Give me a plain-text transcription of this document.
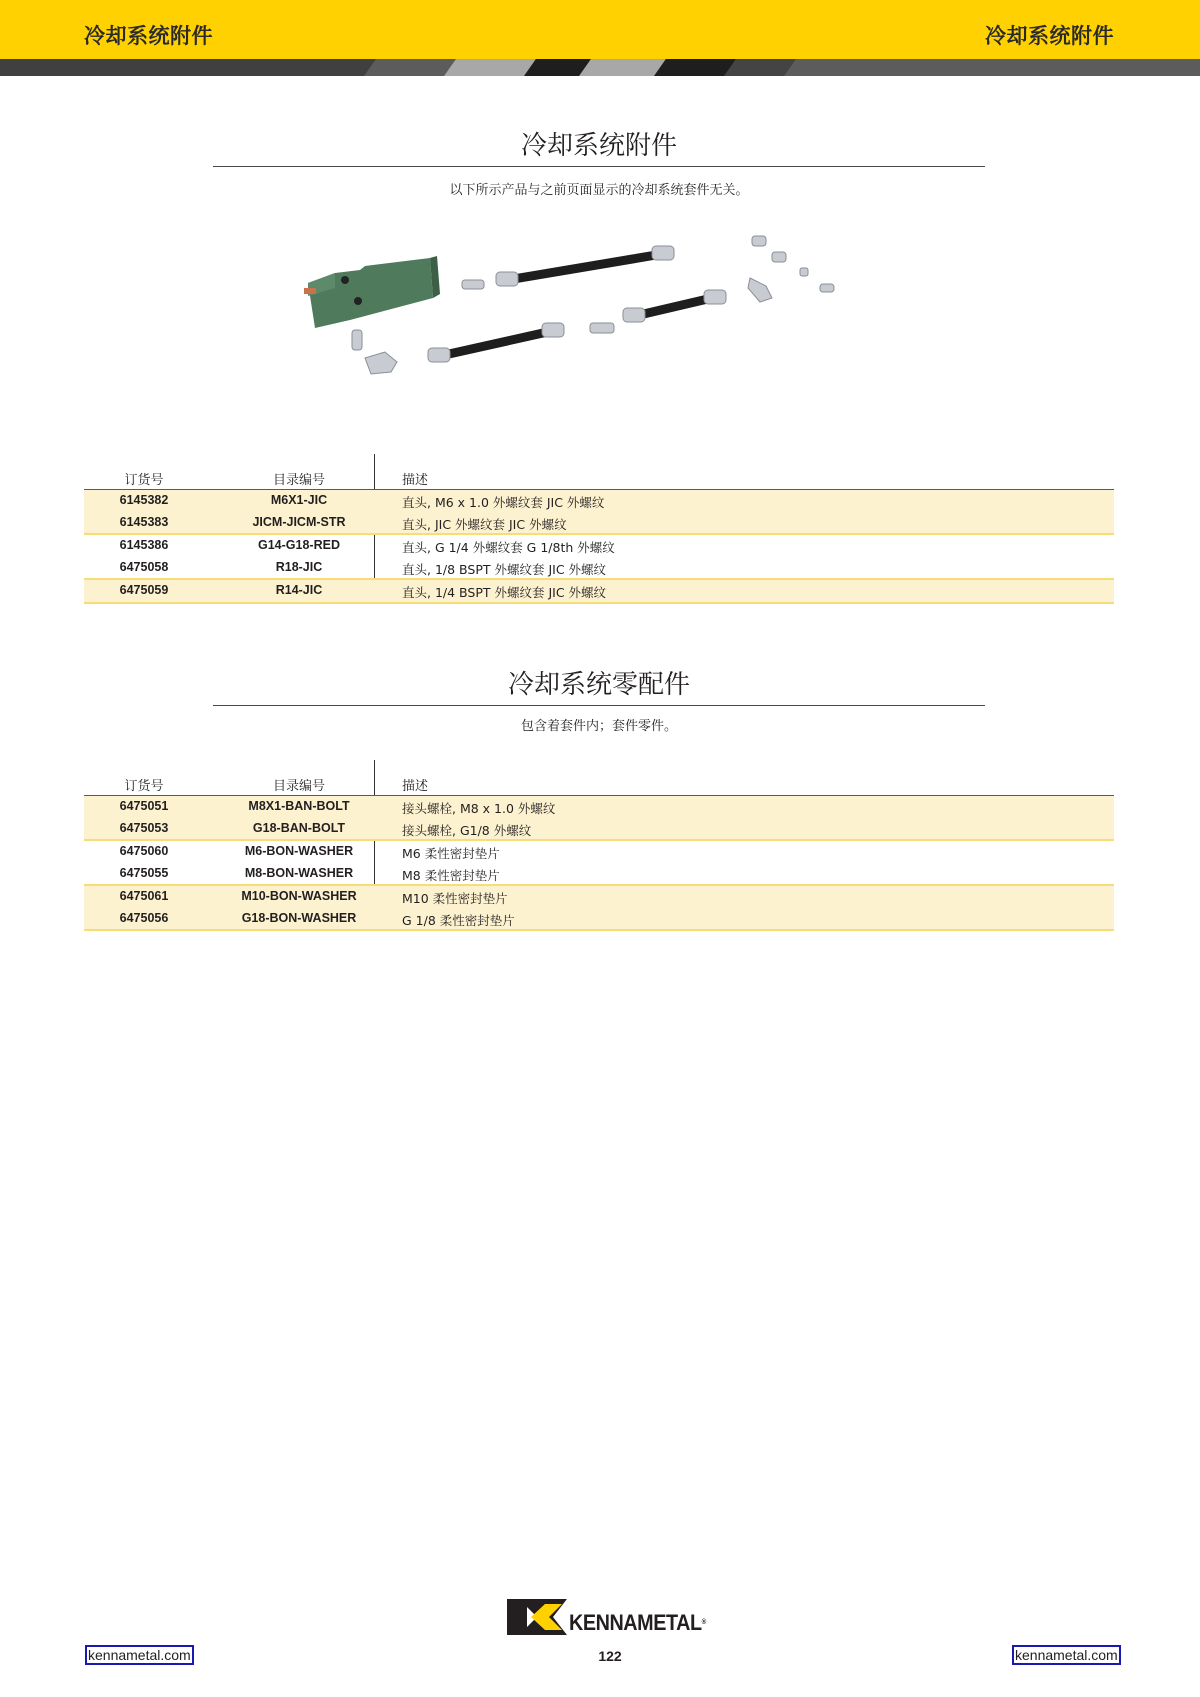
冷却系统附件	冷却系统附件
冷却系统附件
以下所示产品与之前页面显示的冷却系统套件无关。
订货号	目录编号	描述
6145382	M6X1-JIC	直头, M6 x 1.0 外螺纹套 JIC 外螺纹
6145383	JICM-JICM-STR	直头, JIC 外螺纹套 JIC 外螺纹
6145386	G14-G18-RED	直头, G 1/4 外螺纹套 G 1/8th 外螺纹
6475058	R18-JIC	直头, 1/8 BSPT 外螺纹套 JIC 外螺纹
6475059	R14-JIC	直头, 1/4 BSPT 外螺纹套 JIC 外螺纹
冷却系统零配件
包含着套件内；套件零件。
订货号	目录编号	描述
6475051	M8X1-BAN-BOLT	接头螺栓, M8 x 1.0 外螺纹
6475053	G18-BAN-BOLT	接头螺栓, G1/8 外螺纹
6475060	M6-BON-WASHER	M6 柔性密封垫片
6475055	M8-BON-WASHER	M8 柔性密封垫片
6475061	M10-BON-WASHER	M10 柔性密封垫片
6475056	G18-BON-WASHER	G 1/8 柔性密封垫片
KENNAMETAL®
122
kennametal.com	kennametal.com
